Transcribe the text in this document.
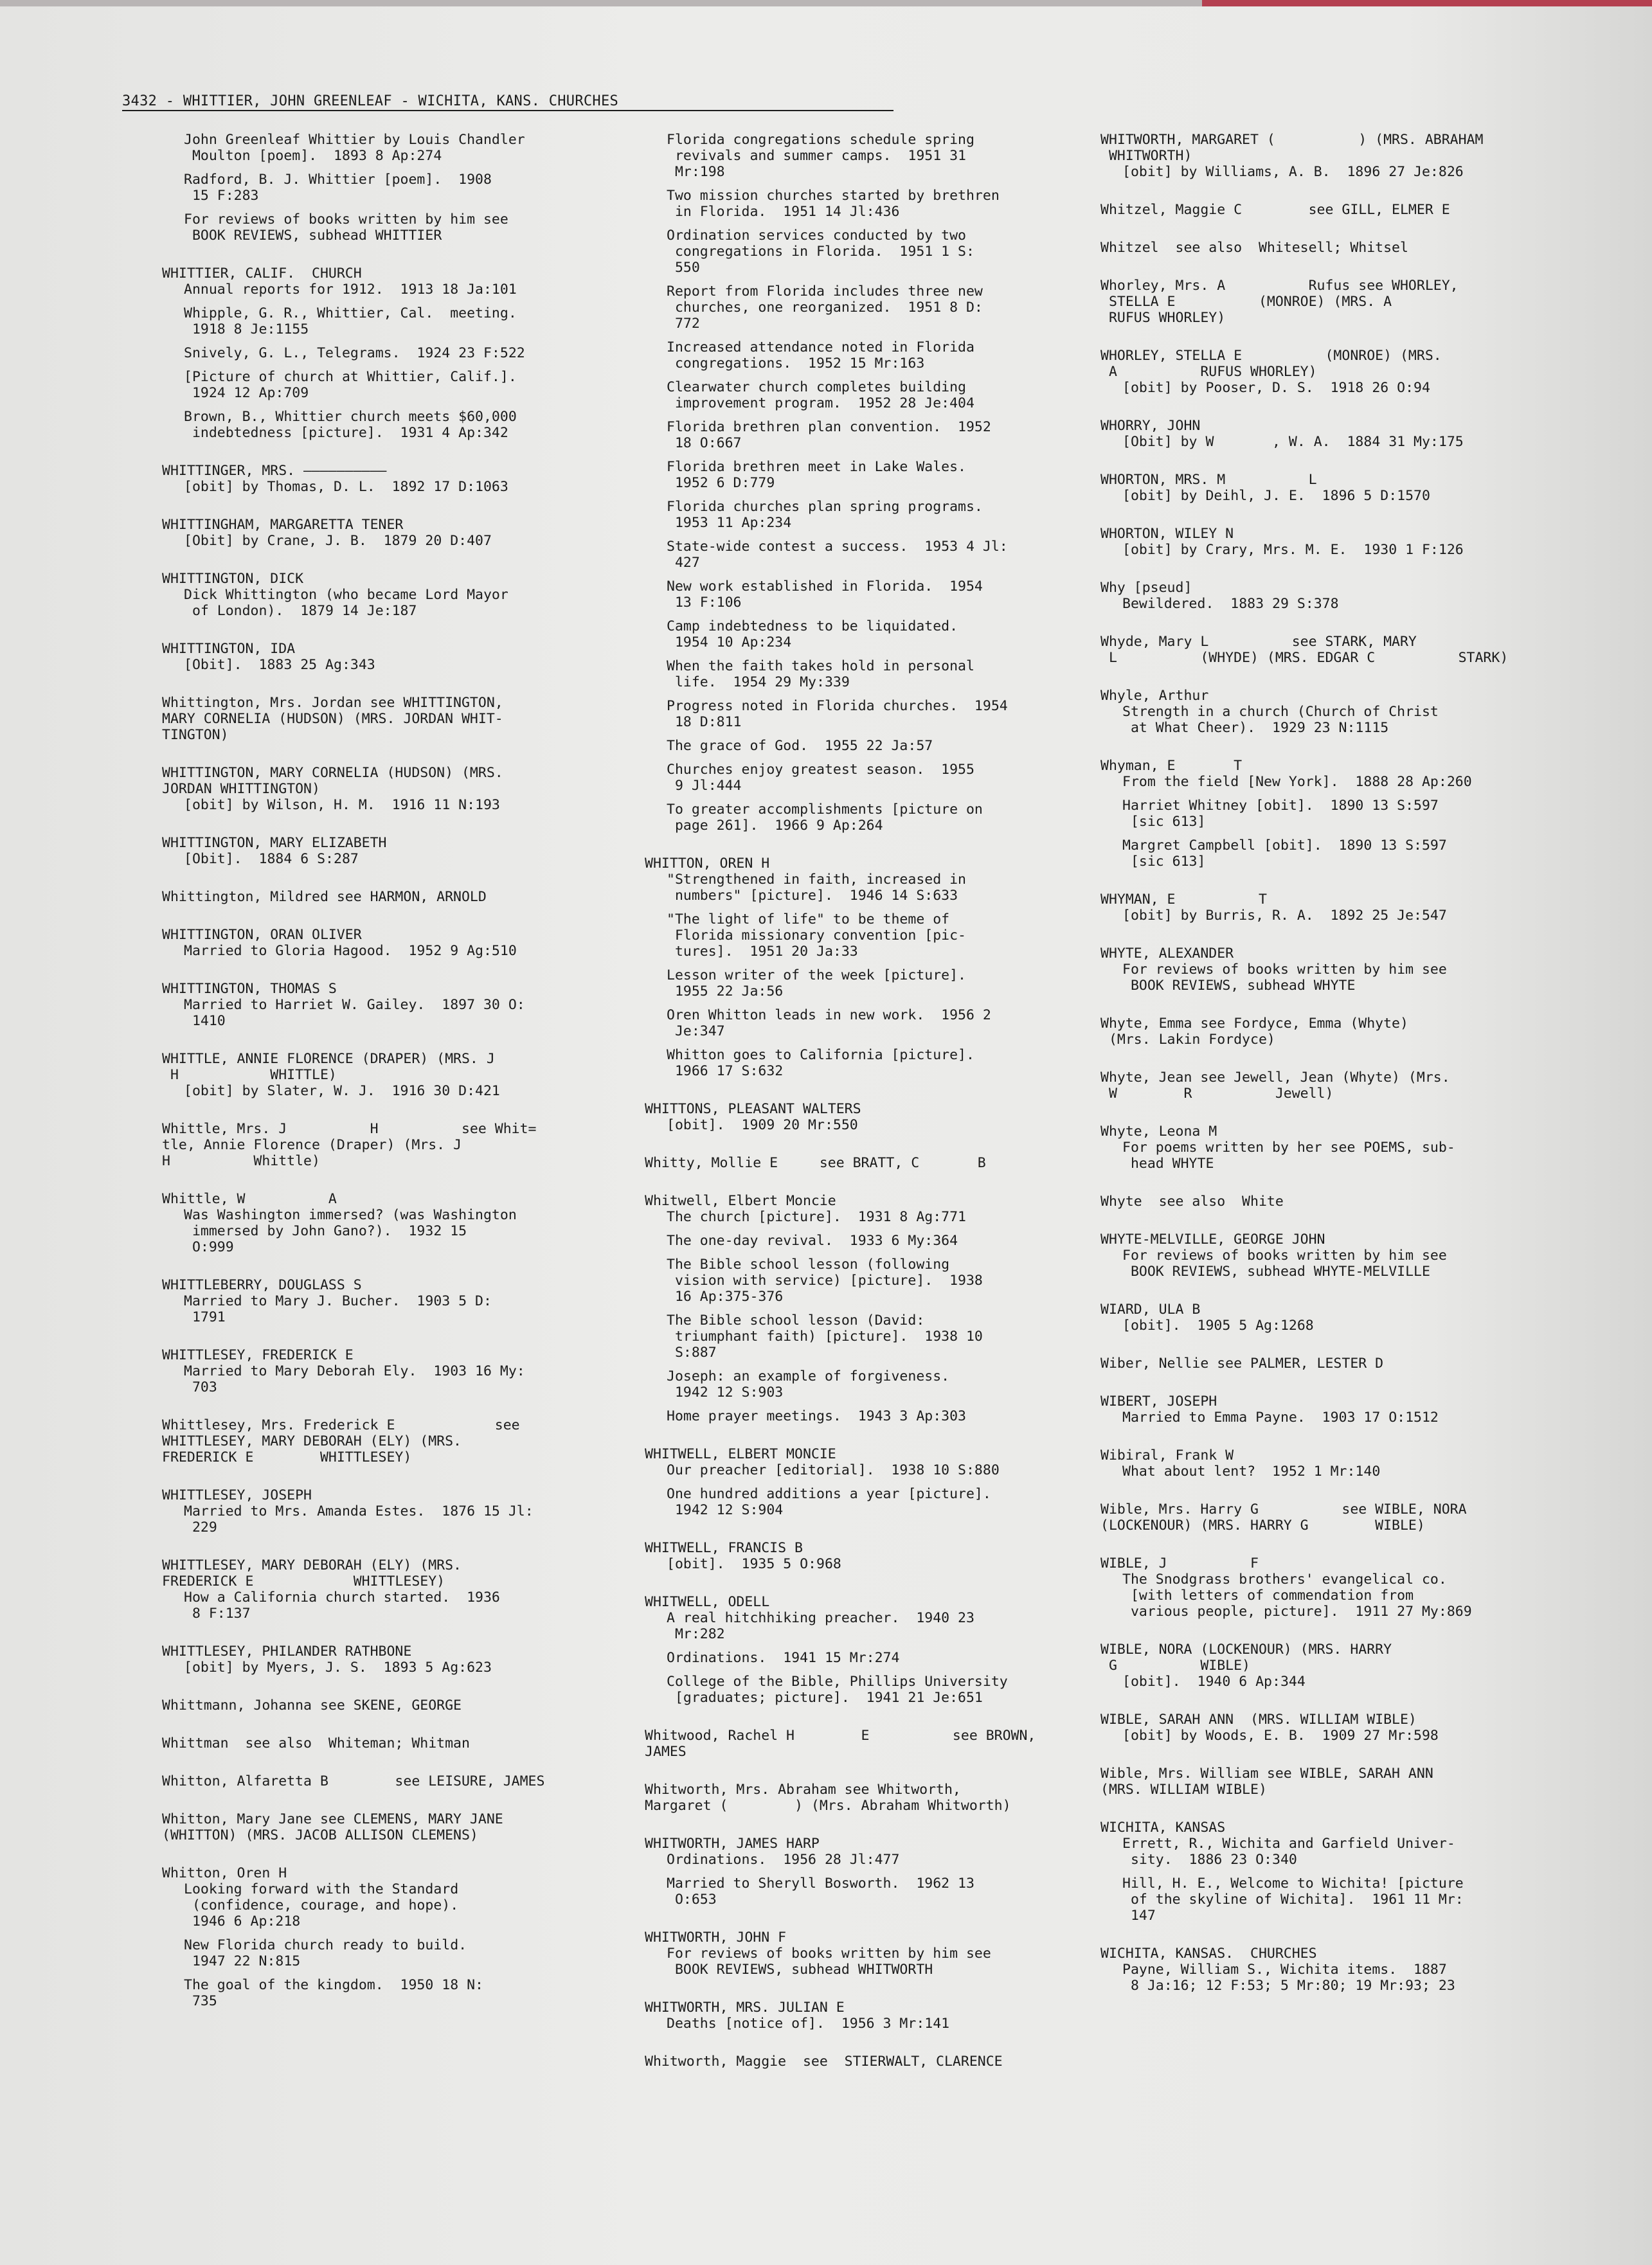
3432 - WHITTIER, JOHN GREENLEAF - WICHITA, KANS. CHURCHES
John Greenleaf Whittier by Louis Chandler
Moulton [poem].  1893 8 Ap:274
Radford, B. J. Whittier [poem].  1908
15 F:283
For reviews of books written by him see
BOOK REVIEWS, subhead WHITTIER
WHITTIER, CALIF.  CHURCH
Annual reports for 1912.  1913 18 Ja:101
Whipple, G. R., Whittier, Cal.  meeting.
1918 8 Je:1155
Snively, G. L., Telegrams.  1924 23 F:522
[Picture of church at Whittier, Calif.].
1924 12 Ap:709
Brown, B., Whittier church meets $60,000
indebtedness [picture].  1931 4 Ap:342
WHITTINGER, MRS. ——————————
[obit] by Thomas, D. L.  1892 17 D:1063
WHITTINGHAM, MARGARETTA TENER
[Obit] by Crane, J. B.  1879 20 D:407
WHITTINGTON, DICK
Dick Whittington (who became Lord Mayor
of London).  1879 14 Je:187
WHITTINGTON, IDA
[Obit].  1883 25 Ag:343
Whittington, Mrs. Jordan see WHITTINGTON,
MARY CORNELIA (HUDSON) (MRS. JORDAN WHIT-
TINGTON)
WHITTINGTON, MARY CORNELIA (HUDSON) (MRS.
JORDAN WHITTINGTON)
[obit] by Wilson, H. M.  1916 11 N:193
WHITTINGTON, MARY ELIZABETH
[Obit].  1884 6 S:287
Whittington, Mildred see HARMON, ARNOLD
WHITTINGTON, ORAN OLIVER
Married to Gloria Hagood.  1952 9 Ag:510
WHITTINGTON, THOMAS S
Married to Harriet W. Gailey.  1897 30 O:
1410
WHITTLE, ANNIE FLORENCE (DRAPER) (MRS. J
H           WHITTLE)
[obit] by Slater, W. J.  1916 30 D:421
Whittle, Mrs. J          H          see Whit=
tle, Annie Florence (Draper) (Mrs. J
H          Whittle)
Whittle, W          A
Was Washington immersed? (was Washington
immersed by John Gano?).  1932 15
O:999
WHITTLEBERRY, DOUGLASS S
Married to Mary J. Bucher.  1903 5 D:
1791
WHITTLESEY, FREDERICK E
Married to Mary Deborah Ely.  1903 16 My:
703
Whittlesey, Mrs. Frederick E            see
WHITTLESEY, MARY DEBORAH (ELY) (MRS.
FREDERICK E        WHITTLESEY)
WHITTLESEY, JOSEPH
Married to Mrs. Amanda Estes.  1876 15 Jl:
229
WHITTLESEY, MARY DEBORAH (ELY) (MRS.
FREDERICK E            WHITTLESEY)
How a California church started.  1936
8 F:137
WHITTLESEY, PHILANDER RATHBONE
[obit] by Myers, J. S.  1893 5 Ag:623
Whittmann, Johanna see SKENE, GEORGE
Whittman  see also  Whiteman; Whitman
Whitton, Alfaretta B        see LEISURE, JAMES
Whitton, Mary Jane see CLEMENS, MARY JANE
(WHITTON) (MRS. JACOB ALLISON CLEMENS)
Whitton, Oren H
Looking forward with the Standard
(confidence, courage, and hope).
1946 6 Ap:218
New Florida church ready to build.
1947 22 N:815
The goal of the kingdom.  1950 18 N:
735
Florida congregations schedule spring
revivals and summer camps.  1951 31
Mr:198
Two mission churches started by brethren
in Florida.  1951 14 Jl:436
Ordination services conducted by two
congregations in Florida.  1951 1 S:
550
Report from Florida includes three new
churches, one reorganized.  1951 8 D:
772
Increased attendance noted in Florida
congregations.  1952 15 Mr:163
Clearwater church completes building
improvement program.  1952 28 Je:404
Florida brethren plan convention.  1952
18 O:667
Florida brethren meet in Lake Wales.
1952 6 D:779
Florida churches plan spring programs.
1953 11 Ap:234
State-wide contest a success.  1953 4 Jl:
427
New work established in Florida.  1954
13 F:106
Camp indebtedness to be liquidated.
1954 10 Ap:234
When the faith takes hold in personal
life.  1954 29 My:339
Progress noted in Florida churches.  1954
18 D:811
The grace of God.  1955 22 Ja:57
Churches enjoy greatest season.  1955
9 Jl:444
To greater accomplishments [picture on
page 261].  1966 9 Ap:264
WHITTON, OREN H
"Strengthened in faith, increased in
numbers" [picture].  1946 14 S:633
"The light of life" to be theme of
Florida missionary convention [pic-
tures].  1951 20 Ja:33
Lesson writer of the week [picture].
1955 22 Ja:56
Oren Whitton leads in new work.  1956 2
Je:347
Whitton goes to California [picture].
1966 17 S:632
WHITTONS, PLEASANT WALTERS
[obit].  1909 20 Mr:550
Whitty, Mollie E     see BRATT, C       B
Whitwell, Elbert Moncie
The church [picture].  1931 8 Ag:771
The one-day revival.  1933 6 My:364
The Bible school lesson (following
vision with service) [picture].  1938
16 Ap:375-376
The Bible school lesson (David:
triumphant faith) [picture].  1938 10
S:887
Joseph: an example of forgiveness.
1942 12 S:903
Home prayer meetings.  1943 3 Ap:303
WHITWELL, ELBERT MONCIE
Our preacher [editorial].  1938 10 S:880
One hundred additions a year [picture].
1942 12 S:904
WHITWELL, FRANCIS B
[obit].  1935 5 O:968
WHITWELL, ODELL
A real hitchhiking preacher.  1940 23
Mr:282
Ordinations.  1941 15 Mr:274
College of the Bible, Phillips University
[graduates; picture].  1941 21 Je:651
Whitwood, Rachel H        E          see BROWN,
JAMES
Whitworth, Mrs. Abraham see Whitworth,
Margaret (        ) (Mrs. Abraham Whitworth)
WHITWORTH, JAMES HARP
Ordinations.  1956 28 Jl:477
Married to Sheryll Bosworth.  1962 13
O:653
WHITWORTH, JOHN F
For reviews of books written by him see
BOOK REVIEWS, subhead WHITWORTH
WHITWORTH, MRS. JULIAN E
Deaths [notice of].  1956 3 Mr:141
Whitworth, Maggie  see  STIERWALT, CLARENCE
WHITWORTH, MARGARET (          ) (MRS. ABRAHAM
WHITWORTH)
[obit] by Williams, A. B.  1896 27 Je:826
Whitzel, Maggie C        see GILL, ELMER E
Whitzel  see also  Whitesell; Whitsel
Whorley, Mrs. A          Rufus see WHORLEY,
STELLA E          (MONROE) (MRS. A
RUFUS WHORLEY)
WHORLEY, STELLA E          (MONROE) (MRS.
A          RUFUS WHORLEY)
[obit] by Pooser, D. S.  1918 26 O:94
WHORRY, JOHN
[Obit] by W       , W. A.  1884 31 My:175
WHORTON, MRS. M          L
[obit] by Deihl, J. E.  1896 5 D:1570
WHORTON, WILEY N
[obit] by Crary, Mrs. M. E.  1930 1 F:126
Why [pseud]
Bewildered.  1883 29 S:378
Whyde, Mary L          see STARK, MARY
L          (WHYDE) (MRS. EDGAR C          STARK)
Whyle, Arthur
Strength in a church (Church of Christ
at What Cheer).  1929 23 N:1115
Whyman, E       T
From the field [New York].  1888 28 Ap:260
Harriet Whitney [obit].  1890 13 S:597
[sic 613]
Margret Campbell [obit].  1890 13 S:597
[sic 613]
WHYMAN, E          T
[obit] by Burris, R. A.  1892 25 Je:547
WHYTE, ALEXANDER
For reviews of books written by him see
BOOK REVIEWS, subhead WHYTE
Whyte, Emma see Fordyce, Emma (Whyte)
(Mrs. Lakin Fordyce)
Whyte, Jean see Jewell, Jean (Whyte) (Mrs.
W        R          Jewell)
Whyte, Leona M
For poems written by her see POEMS, sub-
head WHYTE
Whyte  see also  White
WHYTE-MELVILLE, GEORGE JOHN
For reviews of books written by him see
BOOK REVIEWS, subhead WHYTE-MELVILLE
WIARD, ULA B
[obit].  1905 5 Ag:1268
Wiber, Nellie see PALMER, LESTER D
WIBERT, JOSEPH
Married to Emma Payne.  1903 17 O:1512
Wibiral, Frank W
What about lent?  1952 1 Mr:140
Wible, Mrs. Harry G          see WIBLE, NORA
(LOCKENOUR) (MRS. HARRY G        WIBLE)
WIBLE, J          F
The Snodgrass brothers' evangelical co.
[with letters of commendation from
various people, picture].  1911 27 My:869
WIBLE, NORA (LOCKENOUR) (MRS. HARRY
G          WIBLE)
[obit].  1940 6 Ap:344
WIBLE, SARAH ANN  (MRS. WILLIAM WIBLE)
[obit] by Woods, E. B.  1909 27 Mr:598
Wible, Mrs. William see WIBLE, SARAH ANN
(MRS. WILLIAM WIBLE)
WICHITA, KANSAS
Errett, R., Wichita and Garfield Univer-
sity.  1886 23 O:340
Hill, H. E., Welcome to Wichita! [picture
of the skyline of Wichita].  1961 11 Mr:
147
WICHITA, KANSAS.  CHURCHES
Payne, William S., Wichita items.  1887
8 Ja:16; 12 F:53; 5 Mr:80; 19 Mr:93; 23
